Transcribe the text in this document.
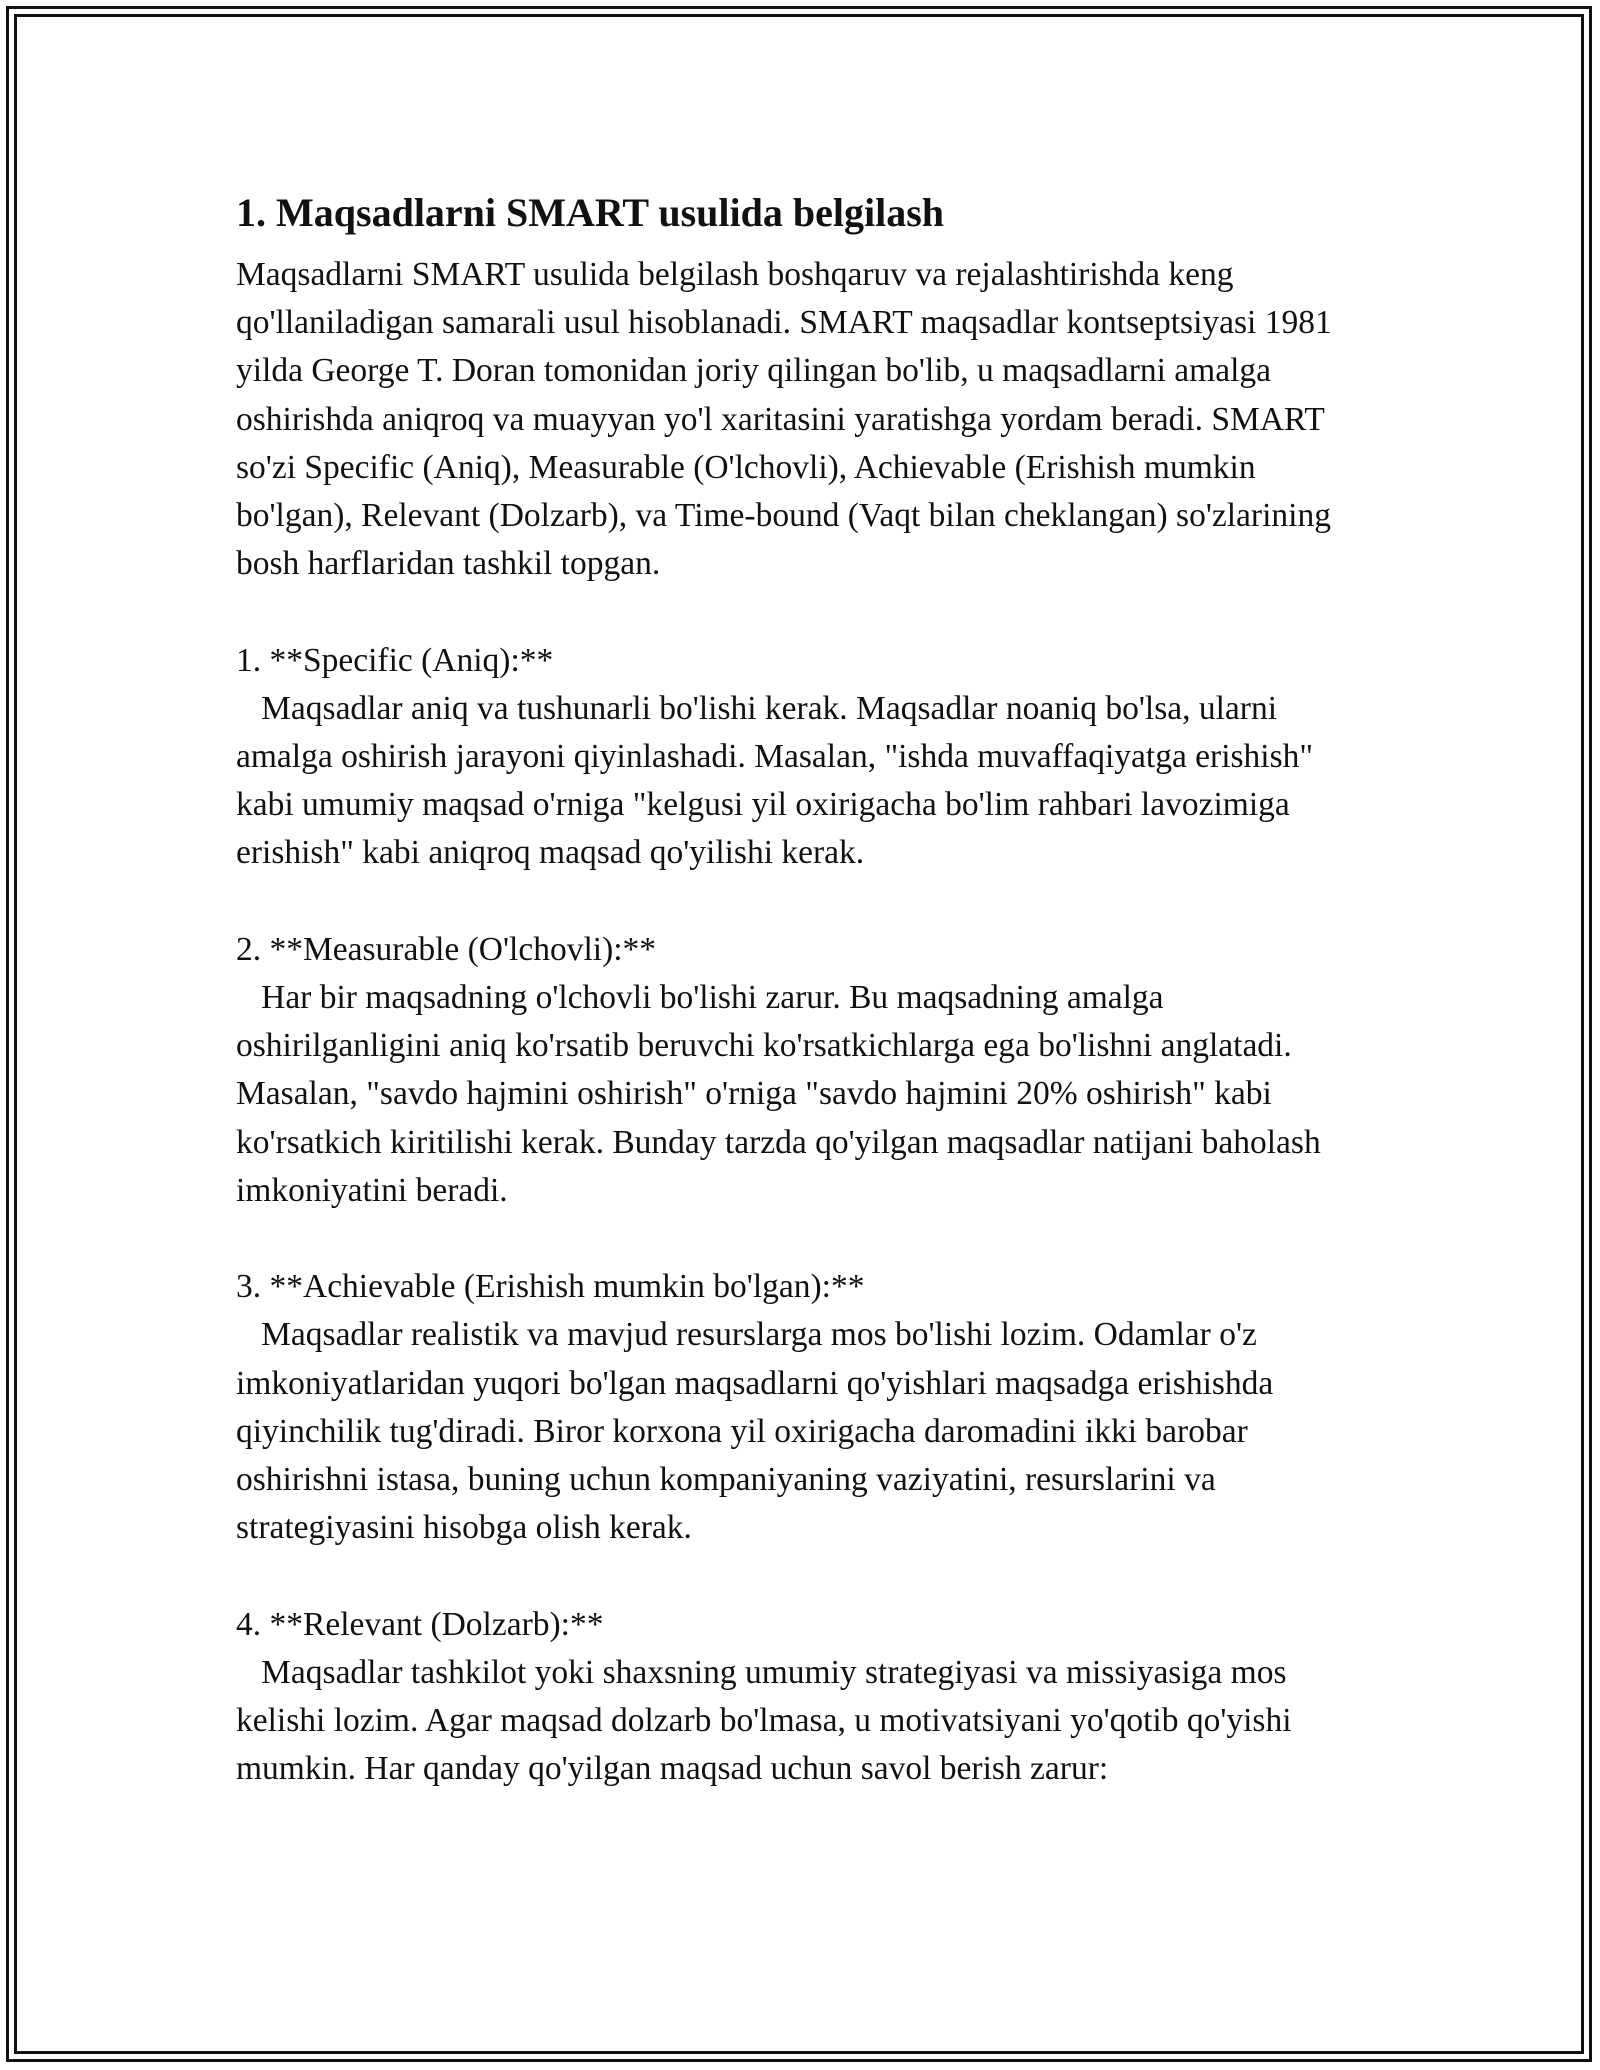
1. Maqsadlarni SMART usulida belgilash

Maqsadlarni SMART usulida belgilash boshqaruv va rejalashtirishda keng qo'llaniladigan samarali usul hisoblanadi. SMART maqsadlar kontseptsiyasi 1981 yilda George T. Doran tomonidan joriy qilingan bo'lib, u maqsadlarni amalga oshirishda aniqroq va muayyan yo'l xaritasini yaratishga yordam beradi. SMART so'zi Specific (Aniq), Measurable (O'lchovli), Achievable (Erishish mumkin bo'lgan), Relevant (Dolzarb), va Time-bound (Vaqt bilan cheklangan) so'zlarining bosh harflaridan tashkil topgan.

1. **Specific (Aniq):**

Maqsadlar aniq va tushunarli bo'lishi kerak. Maqsadlar noaniq bo'lsa, ularni amalga oshirish jarayoni qiyinlashadi. Masalan, "ishda muvaffaqiyatga erishish" kabi umumiy maqsad o'rniga "kelgusi yil oxirigacha bo'lim rahbari lavozimiga erishish" kabi aniqroq maqsad qo'yilishi kerak.

2. **Measurable (O'lchovli):**

Har bir maqsadning o'lchovli bo'lishi zarur. Bu maqsadning amalga oshirilganligini aniq ko'rsatib beruvchi ko'rsatkichlarga ega bo'lishni anglatadi. Masalan, "savdo hajmini oshirish" o'rniga "savdo hajmini 20% oshirish" kabi ko'rsatkich kiritilishi kerak. Bunday tarzda qo'yilgan maqsadlar natijani baholash imkoniyatini beradi.

3. **Achievable (Erishish mumkin bo'lgan):**

Maqsadlar realistik va mavjud resurslarga mos bo'lishi lozim. Odamlar o'z imkoniyatlaridan yuqori bo'lgan maqsadlarni qo'yishlari maqsadga erishishda qiyinchilik tug'diradi. Biror korxona yil oxirigacha daromadini ikki barobar oshirishni istasa, buning uchun kompaniyaning vaziyatini, resurslarini va strategiyasini hisobga olish kerak.

4. **Relevant (Dolzarb):**

Maqsadlar tashkilot yoki shaxsning umumiy strategiyasi va missiyasiga mos kelishi lozim. Agar maqsad dolzarb bo'lmasa, u motivatsiyani yo'qotib qo'yishi mumkin. Har qanday qo'yilgan maqsad uchun savol berish zarur:
